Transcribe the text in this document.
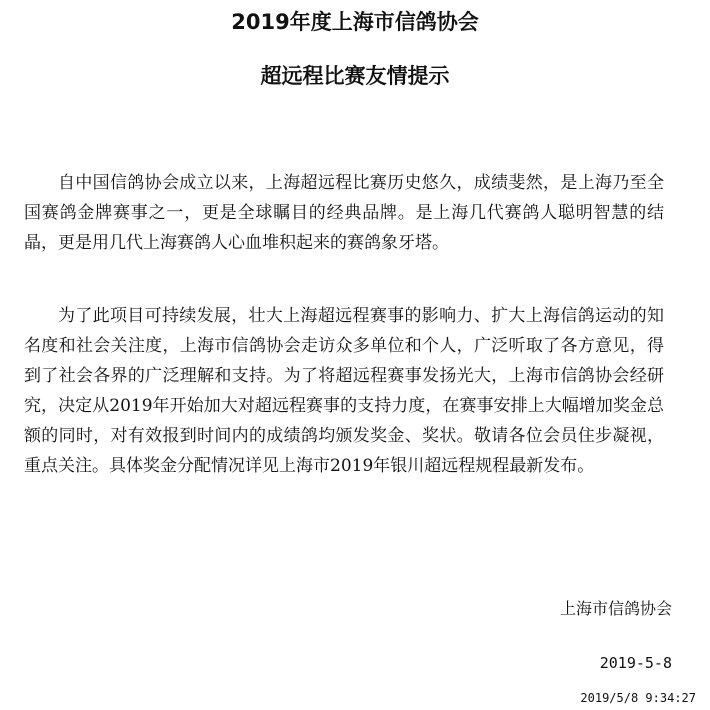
2019年度上海市信鸽协会
超远程比赛友情提示

自中国信鸽协会成立以来，上海超远程比赛历史悠久，成绩斐然，是上海乃至全国赛鸽金牌赛事之一，更是全球瞩目的经典品牌。是上海几代赛鸽人聪明智慧的结晶，更是用几代上海赛鸽人心血堆积起来的赛鸽象牙塔。

为了此项目可持续发展，壮大上海超远程赛事的影响力、扩大上海信鸽运动的知名度和社会关注度，上海市信鸽协会走访众多单位和个人，广泛听取了各方意见，得到了社会各界的广泛理解和支持。为了将超远程赛事发扬光大，上海市信鸽协会经研究，决定从2019年开始加大对超远程赛事的支持力度，在赛事安排上大幅增加奖金总额的同时，对有效报到时间内的成绩鸽均颁发奖金、奖状。敬请各位会员住步凝视，重点关注。具体奖金分配情况详见上海市2019年银川超远程规程最新发布。

上海市信鸽协会
2019-5-8
2019/5/8 9:34:27
